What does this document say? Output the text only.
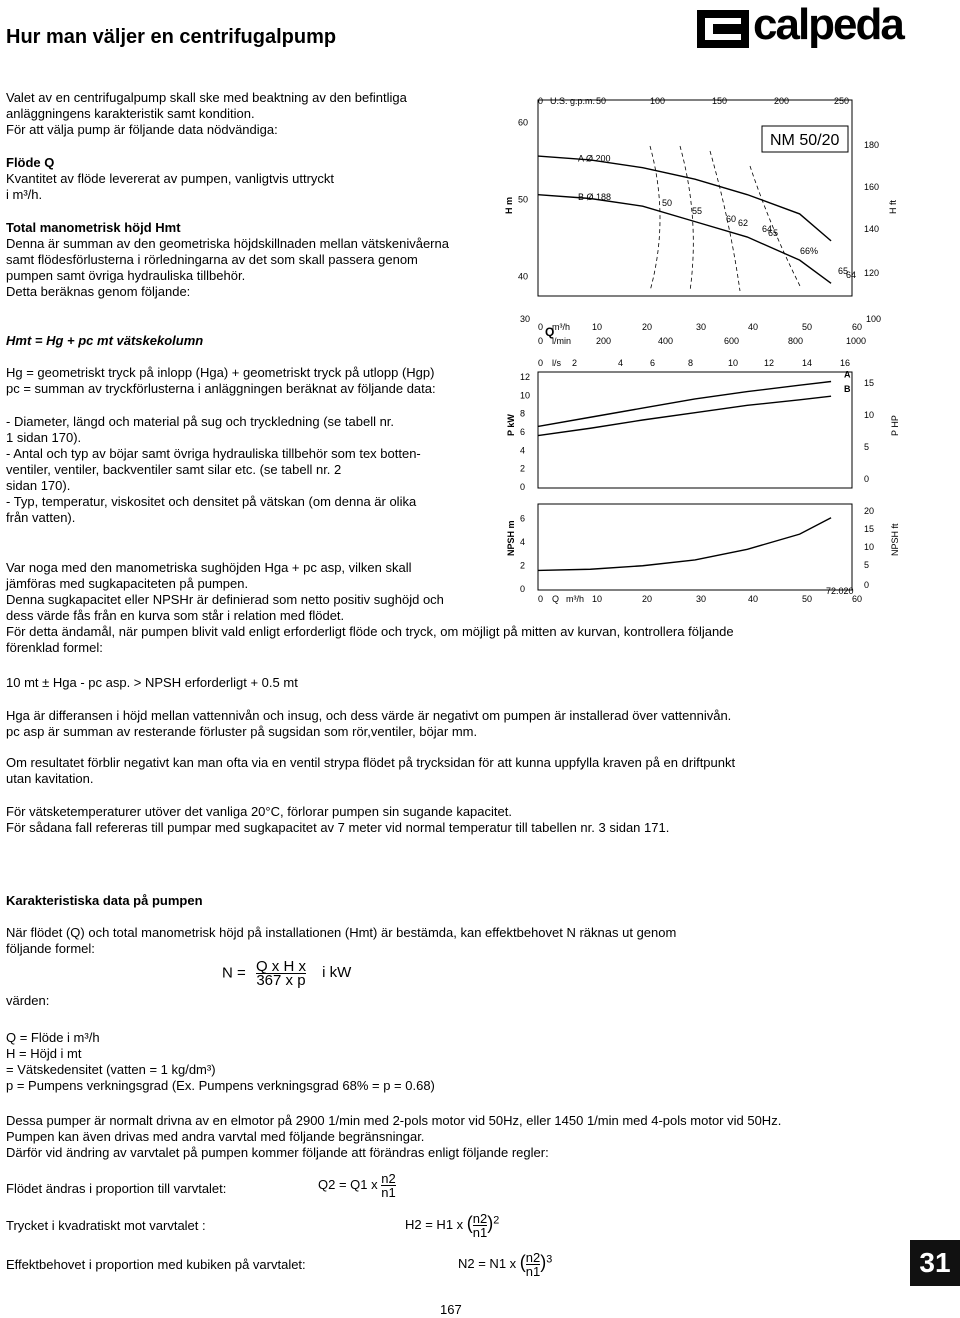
Hur man väljer en centrifugalpump	calpeda
Valet av en centrifugalpump skall ske med beaktning av den befintliga
anläggningens karakteristik samt kondition.
För att välja pump är följande data nödvändiga:
Flöde Q
Kvantitet av flöde levererat av pumpen, vanligtvis uttryckt
i m³/h.
Total manometrisk höjd Hmt
Denna är summan av den geometriska höjdskillnaden mellan vätskenivåerna
samt flödesförlusterna i rörledningarna av det som skall passera genom
pumpen samt övriga hydrauliska tillbehör.
Detta beräknas genom följande:
Hmt = Hg + pc mt vätskekolumn
Hg = geometriskt tryck på inlopp (Hga) + geometriskt tryck på utlopp (Hgp)
pc = summan av tryckförlusterna i anläggningen beräknat av följande data:
- Diameter, längd och material på sug och tryckledning (se tabell nr.
1 sidan 170).
- Antal och typ av böjar samt övriga hydrauliska tillbehör som tex botten-
ventiler, ventiler, backventiler samt silar etc. (se tabell nr. 2
sidan 170).
- Typ, temperatur, viskositet och densitet på vätskan (om denna är olika
från vatten).
Var noga med den manometriska sughöjden Hga + pc asp, vilken skall
jämföras med sugkapaciteten på pumpen.
Denna sugkapacitet eller NPSHr är definierad som netto positiv sughöjd och
dess värde fås från en kurva som står i relation med flödet.
För detta ändamål, när pumpen blivit vald enligt erforderligt flöde och tryck, om möjligt på mitten av kurvan, kontrollera följande
förenklad formel:
10 mt ± Hga - pc asp. > NPSH erforderligt + 0.5 mt
Hga är differansen i höjd mellan vattennivån och insug, och dess värde är negativt om pumpen är installerad över vattennivån.
pc asp är summan av resterande förluster på sugsidan som rör,ventiler, böjar mm.
Om resultatet förblir negativt kan man ofta via en ventil strypa flödet på trycksidan för att kunna uppfylla kraven på en driftpunkt
utan kavitation.
För vätsketemperaturer utöver det vanliga 20°C, förlorar pumpen sin sugande kapacitet.
För sådana fall refereras till pumpar med sugkapacitet av 7 meter vid normal temperatur till tabellen nr. 3 sidan 171.
Karakteristiska data på pumpen
När flödet (Q) och total manometrisk höjd på installationen (Hmt) är bestämda, kan effektbehovet N räknas ut genom
följande formel:
$N = \frac{\text{Q x H x}}{\text{367 x p}}$ i kW
värden:
Q = Flöde i m³/h
H = Höjd i mt
= Vätskedensitet (vatten = 1 kg/dm³)
p = Pumpens verkningsgrad (Ex. Pumpens verkningsgrad 68% = p = 0.68)
Dessa pumper är normalt drivna av en elmotor på 2900 1/min med 2-pols motor vid 50Hz, eller 1450 1/min med 4-pols motor vid 50Hz.
Pumpen kan även drivas med andra varvtal med följande begränsningar.
Därför vid ändring av varvtalet på pumpen kommer följande att förändras enligt följande regler:
Flödet ändras i proportion till varvtalet:	Q2 = Q1 x $\frac{n2}{n1}$
Trycket i kvadratiskt mot varvtalet :	H2 = H1 x ( $\frac{n2}{n1} )^2$
Effektbehovet i proportion med kubiken på varvtalet:	N2 = N1 x ( $\frac{n2}{n1} )^3$	31
167
60
50
40
H m
180
160
140
120
H ft
0	50	100	150	200	250
U.S. g.p.m.
NM 50/20
A Ø 200
B Ø 188
50
55
60 62
64
65
66%
65
64
0 m³/h 10	20	30	40	50	60
Q
0 l/min	200	400	600	800	1000
0 l/s 2	4	6	8	10	12	14	16
30	100
12
10
8
6
4
2
0
P kW
15
10
5
0
P HP
A
B
6
4
2
0
NPSH m
20
15
10
5
0
NPSH ft
0 Q m³/h 10	20	30	40	50	60
72.020
